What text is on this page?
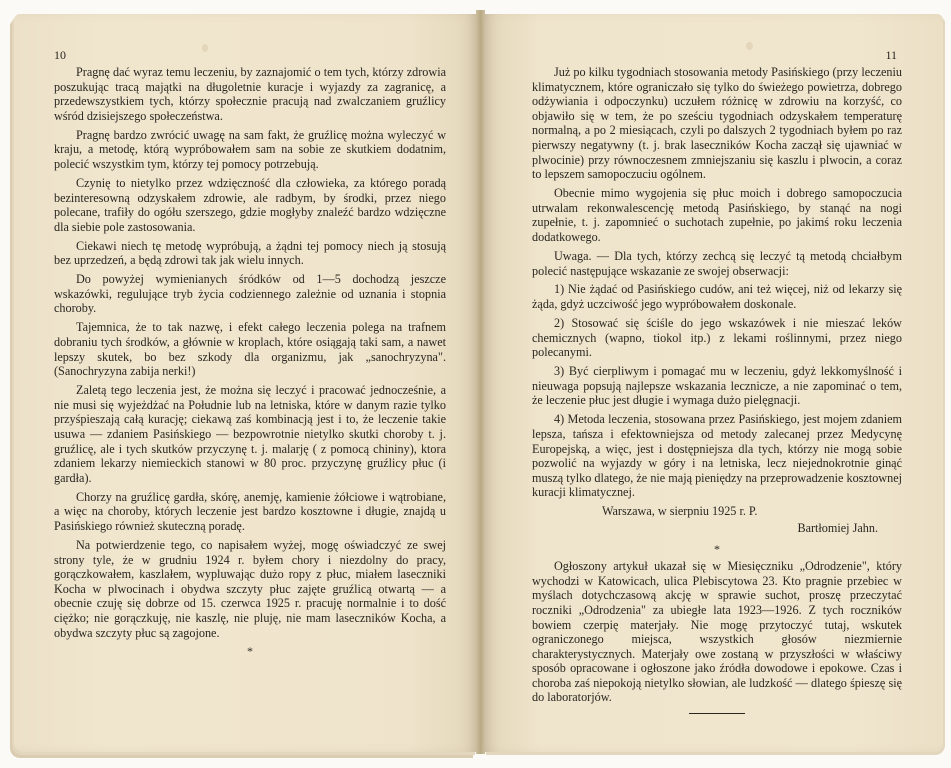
10

Pragnę dać wyraz temu leczeniu, by zaznajomić o tem tych, którzy zdrowia poszukując tracą majątki na długoletnie kuracje i wyjazdy za zagranicę, a przedewszystkiem tych, którzy społecznie pracują nad zwalczaniem gruźlicy wśród dzisiejszego społeczeństwa.

Pragnę bardzo zwrócić uwagę na sam fakt, że gruźlicę można wyleczyć w kraju, a metodę, którą wypróbowałem sam na sobie ze skutkiem dodatnim, polecić wszystkim tym, którzy tej pomocy potrzebują.

Czynię to nietylko przez wdzięczność dla człowieka, za którego poradą bezinteresowną odzyskałem zdrowie, ale radbym, by środki, przez niego polecane, trafiły do ogółu szerszego, gdzie mogłyby znaleźć bardzo wdzięczne dla siebie pole zastosowania.

Ciekawi niech tę metodę wypróbują, a żądni tej pomocy niech ją stosują bez uprzedzeń, a będą zdrowi tak jak wielu innych.

Do powyżej wymienianych śródków od 1—5 dochodzą jeszcze wskazówki, regulujące tryb życia codziennego zależnie od uznania i stopnia choroby.

Tajemnica, że to tak nazwę, i efekt całego leczenia polega na trafnem dobraniu tych środków, a głównie w kroplach, które osiągają taki sam, a nawet lepszy skutek, bo bez szkody dla organizmu, jak „sanochryzyna". (Sanochryzyna zabija nerki!)

Zaletą tego leczenia jest, że można się leczyć i pracować jednocześnie, a nie musi się wyjeżdżać na Południe lub na letniska, które w danym razie tylko przyśpieszają całą kurację; ciekawą zaś kombinacją jest i to, że leczenie takie usuwa — zdaniem Pasińskiego — bezpowrotnie nietylko skutki choroby t. j. gruźlicę, ale i tych skutków przyczynę t. j. malarję ( z pomocą chininy), ktora zdaniem lekarzy niemieckich stanowi w 80 proc. przyczynę gruźlicy płuc (i gardła).

Chorzy na gruźlicę gardła, skórę, anemję, kamienie żółciowe i wątrobiane, a więc na choroby, których leczenie jest bardzo kosztowne i długie, znajdą u Pasińskiego również skuteczną poradę.

Na potwierdzenie tego, co napisałem wyżej, mogę oświadczyć ze swej strony tyle, że w grudniu 1924 r. byłem chory i niezdolny do pracy, gorączkowałem, kaszlałem, wypluwając dużo ropy z płuc, miałem laseczniki Kocha w plwocinach i obydwa szczyty płuc zajęte gruźlicą otwartą — a obecnie czuję się dobrze od 15. czerwca 1925 r. pracuję normalnie i to dość ciężko; nie gorączkuję, nie kaszlę, nie pluję, nie mam laseczników Kocha, a obydwa szczyty płuc są zagojone.

*
11

Już po kilku tygodniach stosowania metody Pasińskiego (przy leczeniu klimatycznem, które ograniczało się tylko do świeżego powietrza, dobrego odżywiania i odpoczynku) uczułem różnicę w zdrowiu na korzyść, co objawiło się w tem, że po sześciu tygodniach odzyskałem temperaturę normalną, a po 2 miesiącach, czyli po dalszych 2 tygodniach byłem po raz pierwszy negatywny (t. j. brak laseczników Kocha zaczął się ujawniać w plwocinie) przy równoczesnem zmniejszaniu się kaszlu i plwocin, a coraz to lepszem samopoczuciu ogólnem.

Obecnie mimo wygojenia się płuc moich i dobrego samopoczucia utrwalam rekonwalescencję metodą Pasińskiego, by stanąć na nogi zupełnie, t. j. zapomnieć o suchotach zupełnie, po jakimś roku leczenia dodatkowego.

Uwaga. — Dla tych, którzy zechcą się leczyć tą metodą chciałbym polecić następujące wskazanie ze swojej obserwacji:

1) Nie żądać od Pasińskiego cudów, ani też więcej, niż od lekarzy się żąda, gdyż uczciwość jego wypróbowałem doskonale.

2) Stosować się ściśle do jego wskazówek i nie mieszać leków chemicznych (wapno, tiokol itp.) z lekami roślinnymi, przez niego polecanymi.

3) Być cierpliwym i pomagać mu w leczeniu, gdyż lekkomyślność i nieuwaga popsują najlepsze wskazania lecznicze, a nie zapominać o tem, że leczenie płuc jest długie i wymaga dużo pielęgnacji.

4) Metoda leczenia, stosowana przez Pasińskiego, jest mojem zdaniem lepsza, tańsza i efektowniejsza od metody zalecanej przez Medycynę Europejską, a więc, jest i dostępniejsza dla tych, którzy nie mogą sobie pozwolić na wyjazdy w góry i na letniska, lecz niejednokrotnie ginąć muszą tylko dlatego, że nie mają pieniędzy na przeprowadzenie kosztownej kuracji klimatycznej.

Warszawa, w sierpniu 1925 r. P.

Bartłomiej Jahn.

*

Ogłoszony artykuł ukazał się w Miesięczniku „Odrodzenie", który wychodzi w Katowicach, ulica Plebiscytowa 23. Kto pragnie przebiec w myślach dotychczasową akcję w sprawie suchot, proszę przeczytać roczniki „Odrodzenia" za ubiegłe lata 1923—1926. Z tych roczników bowiem czerpię materjały. Nie mogę przytoczyć tutaj, wskutek ograniczonego miejsca, wszystkich głosów niezmiernie charakterystycznych. Materjały owe zostaną w przyszłości w właściwy sposób opracowane i ogłoszone jako źródła dowodowe i epokowe. Czas i choroba zaś niepokoją nietylko słowian, ale ludzkość — dlatego śpieszę się do laboratorjów.
